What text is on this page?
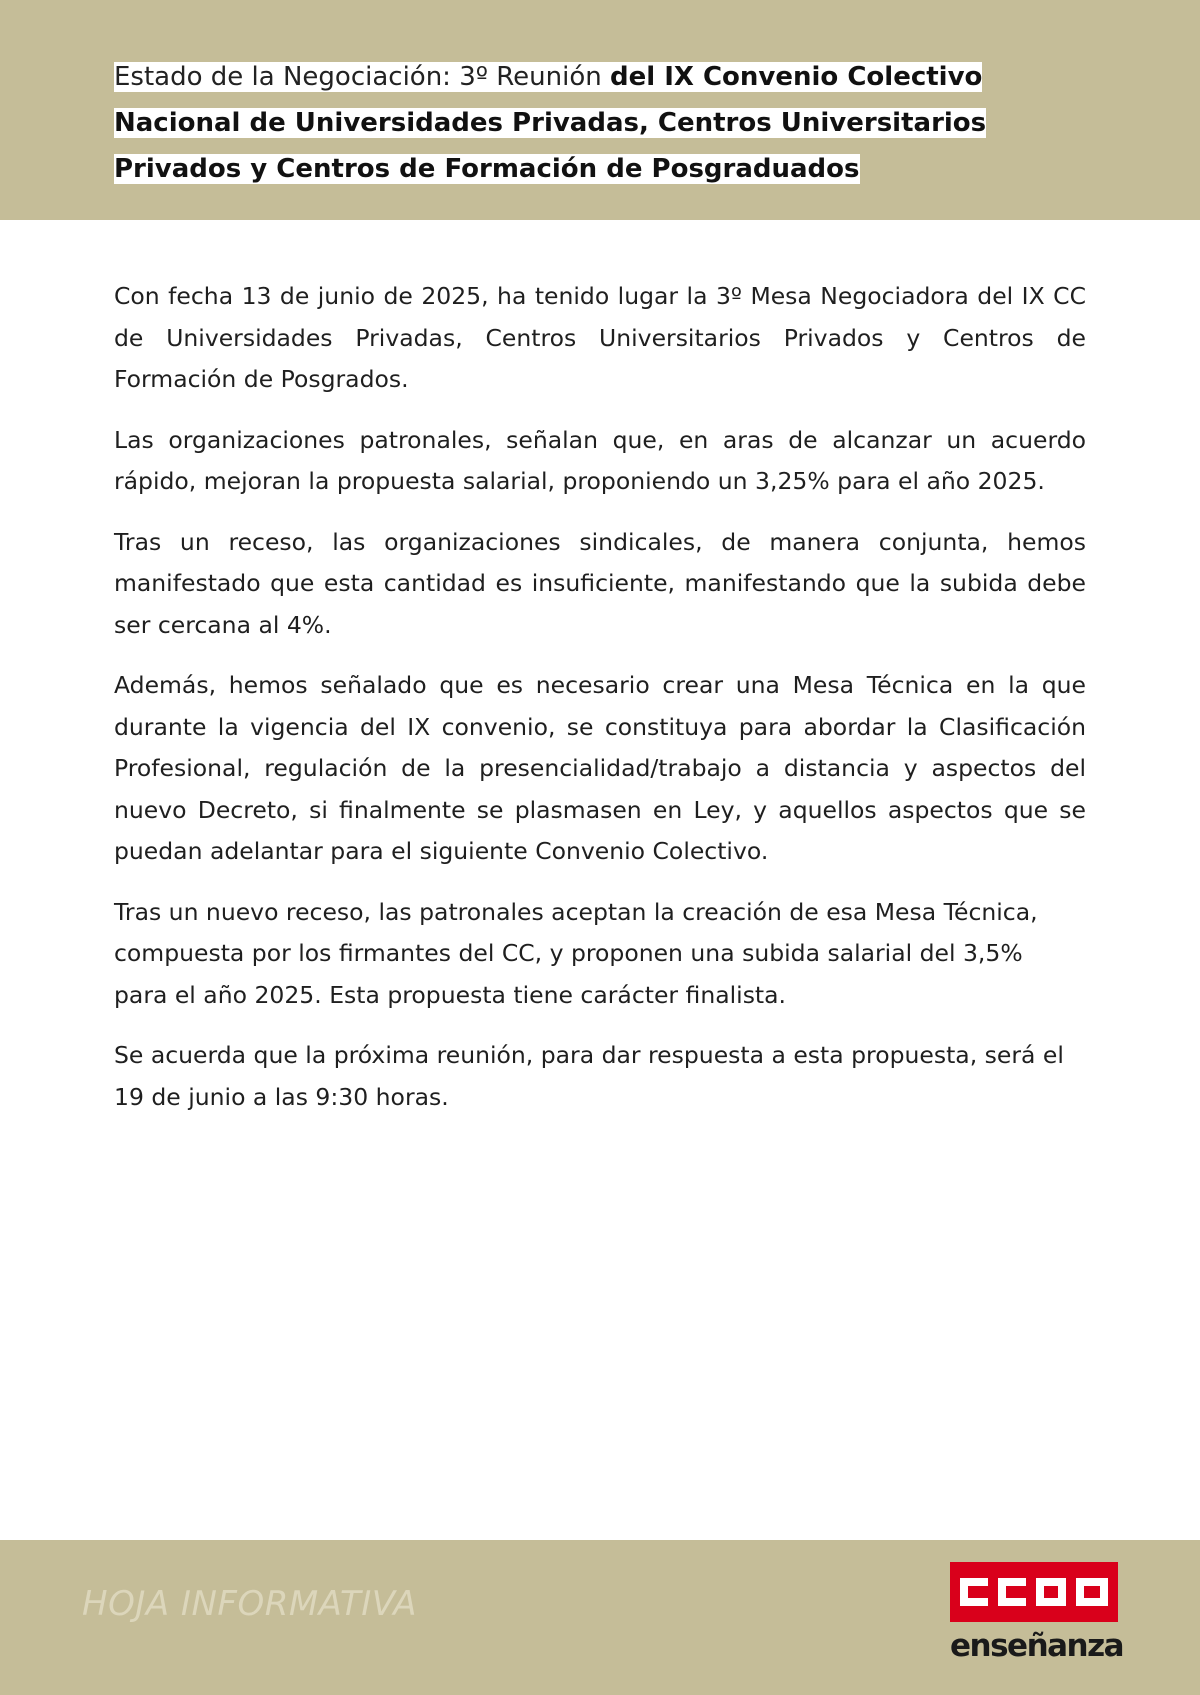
Estado de la Negociación: 3º Reunión del IX Convenio Colectivo Nacional de Universidades Privadas, Centros Universitarios Privados y Centros de Formación de Posgraduados

Con fecha 13 de junio de 2025, ha tenido lugar la 3º Mesa Negociadora del IX CC de Universidades Privadas, Centros Universitarios Privados y Centros de Formación de Posgrados.

Las organizaciones patronales, señalan que, en aras de alcanzar un acuerdo rápido, mejoran la propuesta salarial, proponiendo un 3,25% para el año 2025.

Tras un receso, las organizaciones sindicales, de manera conjunta, hemos manifestado que esta cantidad es insuficiente, manifestando que la subida debe ser cercana al 4%.

Además, hemos señalado que es necesario crear una Mesa Técnica en la que durante la vigencia del IX convenio, se constituya para abordar la Clasificación Profesional, regulación de la presencialidad/trabajo a distancia y aspectos del nuevo Decreto, si finalmente se plasmasen en Ley, y aquellos aspectos que se puedan adelantar para el siguiente Convenio Colectivo.

Tras un nuevo receso, las patronales aceptan la creación de esa Mesa Técnica, compuesta por los firmantes del CC, y proponen una subida salarial del 3,5% para el año 2025. Esta propuesta tiene carácter finalista.

Se acuerda que la próxima reunión, para dar respuesta a esta propuesta, será el 19 de junio a las 9:30 horas.

HOJA INFORMATIVA
enseñanza
